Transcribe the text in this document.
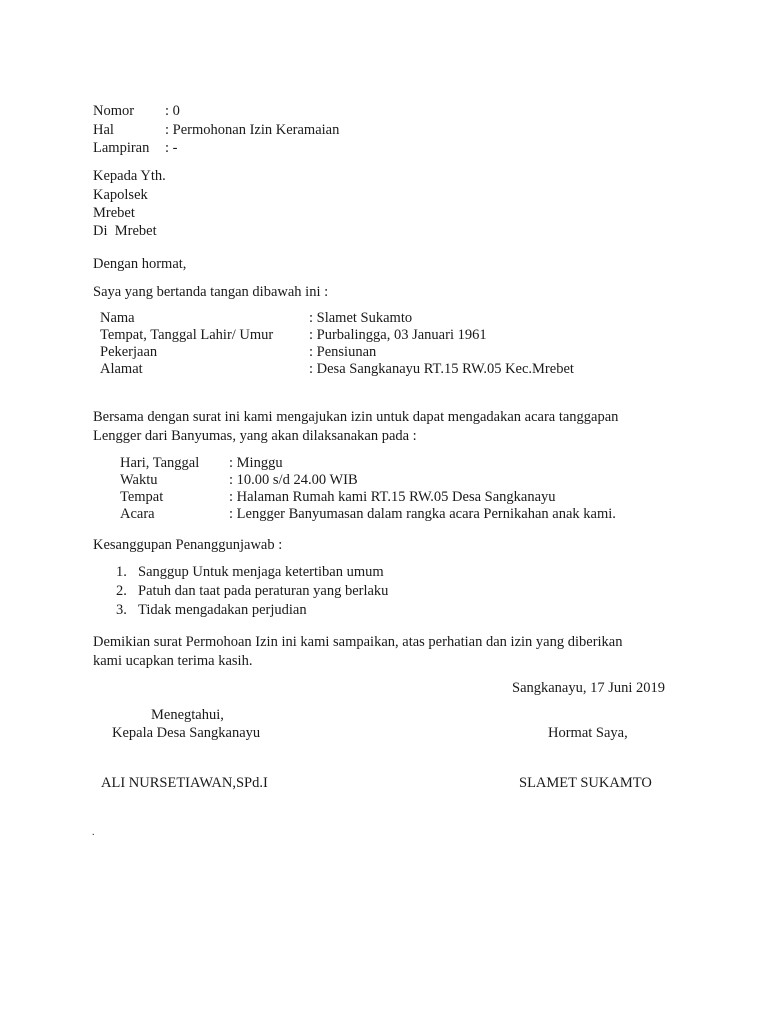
Nomor : 0
Hal	: Permohonan Izin Keramaian
Lampiran : -
Kepada Yth.
Kapolsek
Mrebet
Di  Mrebet
Dengan hormat,
Saya yang bertanda tangan dibawah ini :
Nama	: Slamet Sukamto
Tempat, Tanggal Lahir/ Umur : Purbalingga, 03 Januari 1961
Pekerjaan	: Pensiunan
Alamat	: Desa Sangkanayu RT.15 RW.05 Kec.Mrebet
Bersama dengan surat ini kami mengajukan izin untuk dapat mengadakan acara tanggapan
Lengger dari Banyumas, yang akan dilaksanakan pada :
Hari, Tanggal : Minggu
Waktu	: 10.00 s/d 24.00 WIB
Tempat	: Halaman Rumah kami RT.15 RW.05 Desa Sangkanayu
Acara	: Lengger Banyumasan dalam rangka acara Pernikahan anak kami.
Kesanggupan Penanggunjawab :
1. Sanggup Untuk menjaga ketertiban umum
2. Patuh dan taat pada peraturan yang berlaku
3. Tidak mengadakan perjudian
Demikian surat Permohoan Izin ini kami sampaikan, atas perhatian dan izin yang diberikan
kami ucapkan terima kasih.
Sangkanayu, 17 Juni 2019
Menegtahui,
Kepala Desa Sangkanayu	Hormat Saya,
ALI NURSETIAWAN,SPd.I	SLAMET SUKAMTO
.
